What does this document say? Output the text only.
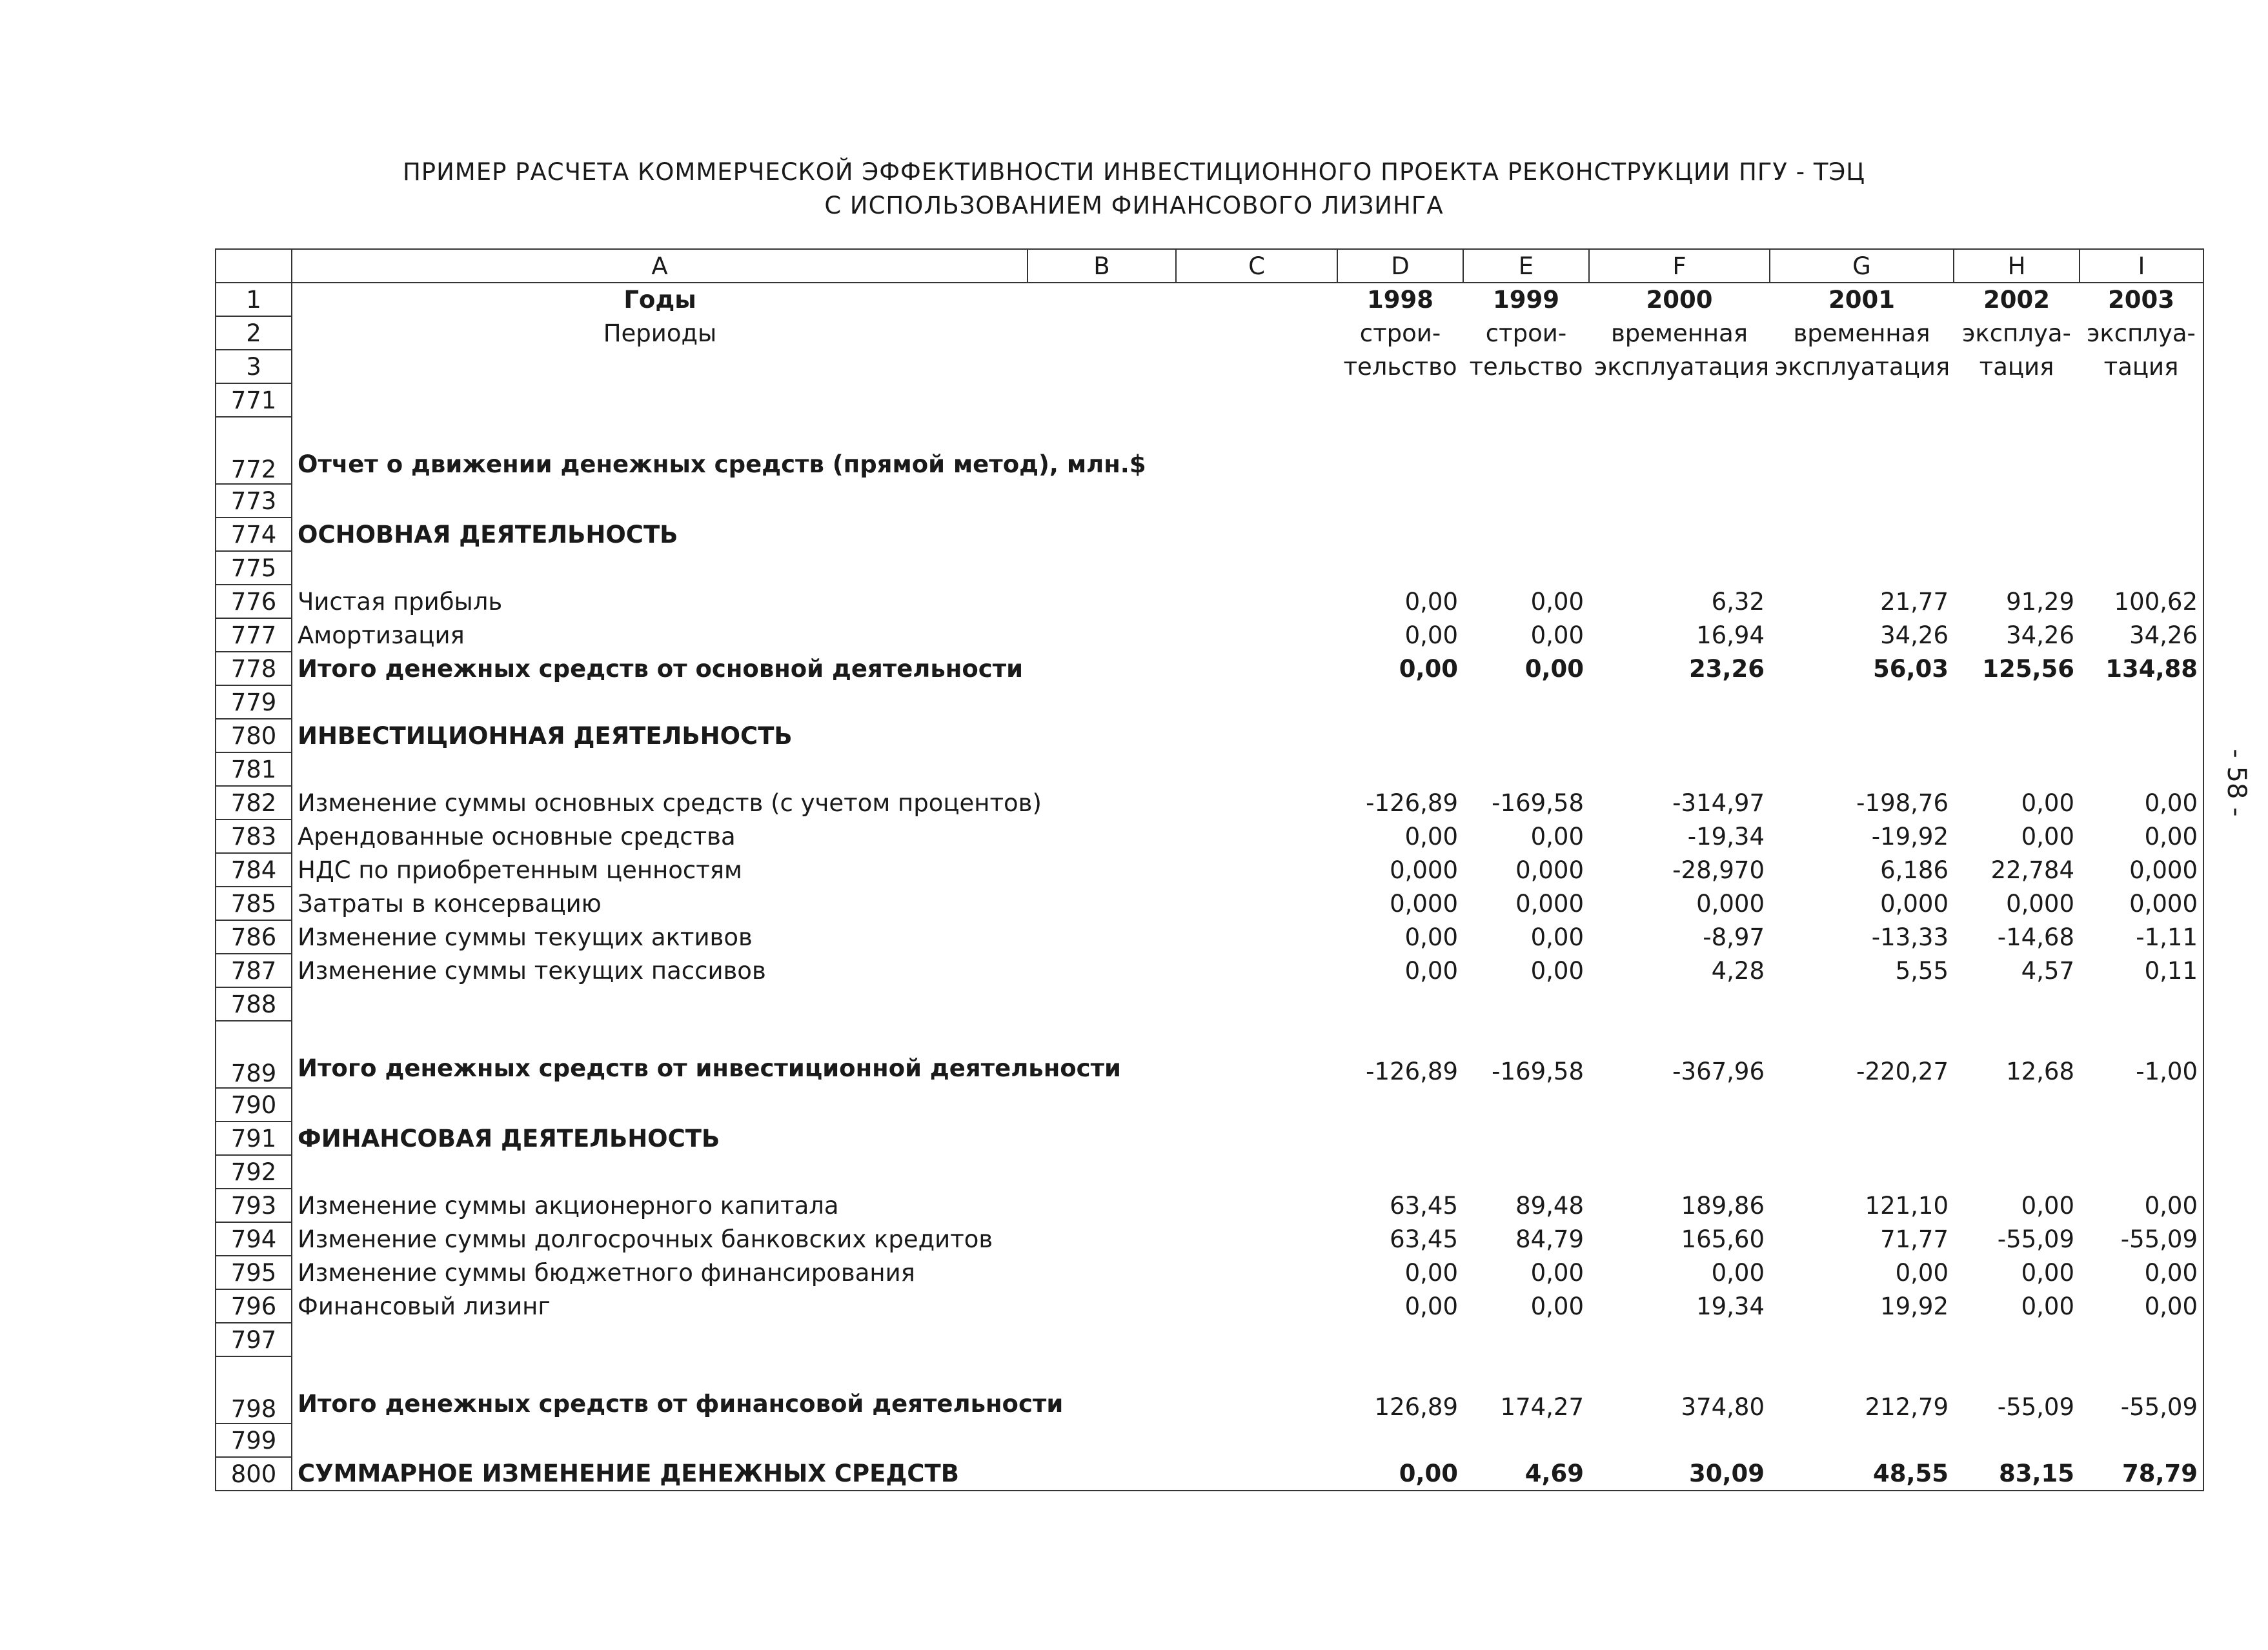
ПРИМЕР РАСЧЕТА КОММЕРЧЕСКОЙ ЭФФЕКТИВНОСТИ ИНВЕСТИЦИОННОГО ПРОЕКТА РЕКОНСТРУКЦИИ ПГУ - ТЭЦ
С ИСПОЛЬЗОВАНИЕМ ФИНАНСОВОГО ЛИЗИНГА
- 58 -
	A	B	C	D	E	F	G	H	I
1	Годы			1998	1999	2000	2001	2002	2003
2	Периоды			строи-	строи-	временная	временная	эксплуа-	эксплуа-
3				тельство	тельство	эксплуатация	эксплуатация	тация	тация
771									
772	Отчет о движении денежных средств (прямой метод), млн.$								
773									
774	ОСНОВНАЯ ДЕЯТЕЛЬНОСТЬ								
775									
776	Чистая прибыль			0,00	0,00	6,32	21,77	91,29	100,62
777	Амортизация			0,00	0,00	16,94	34,26	34,26	34,26
778	Итого денежных средств от основной деятельности			0,00	0,00	23,26	56,03	125,56	134,88
779									
780	ИНВЕСТИЦИОННАЯ ДЕЯТЕЛЬНОСТЬ								
781									
782	Изменение суммы основных средств (с учетом процентов)			-126,89	-169,58	-314,97	-198,76	0,00	0,00
783	Арендованные основные средства			0,00	0,00	-19,34	-19,92	0,00	0,00
784	НДС по приобретенным ценностям			0,000	0,000	-28,970	6,186	22,784	0,000
785	Затраты в консервацию			0,000	0,000	0,000	0,000	0,000	0,000
786	Изменение суммы текущих активов			0,00	0,00	-8,97	-13,33	-14,68	-1,11
787	Изменение суммы текущих пассивов			0,00	0,00	4,28	5,55	4,57	0,11
788									
789	Итого денежных средств от инвестиционной деятельности			-126,89	-169,58	-367,96	-220,27	12,68	-1,00
790									
791	ФИНАНСОВАЯ ДЕЯТЕЛЬНОСТЬ								
792									
793	Изменение суммы акционерного капитала			63,45	89,48	189,86	121,10	0,00	0,00
794	Изменение суммы долгосрочных банковских кредитов			63,45	84,79	165,60	71,77	-55,09	-55,09
795	Изменение суммы бюджетного финансирования			0,00	0,00	0,00	0,00	0,00	0,00
796	Финансовый лизинг			0,00	0,00	19,34	19,92	0,00	0,00
797									
798	Итого денежных средств от финансовой деятельности			126,89	174,27	374,80	212,79	-55,09	-55,09
799									
800	СУММАРНОЕ ИЗМЕНЕНИЕ ДЕНЕЖНЫХ СРЕДСТВ			0,00	4,69	30,09	48,55	83,15	78,79
